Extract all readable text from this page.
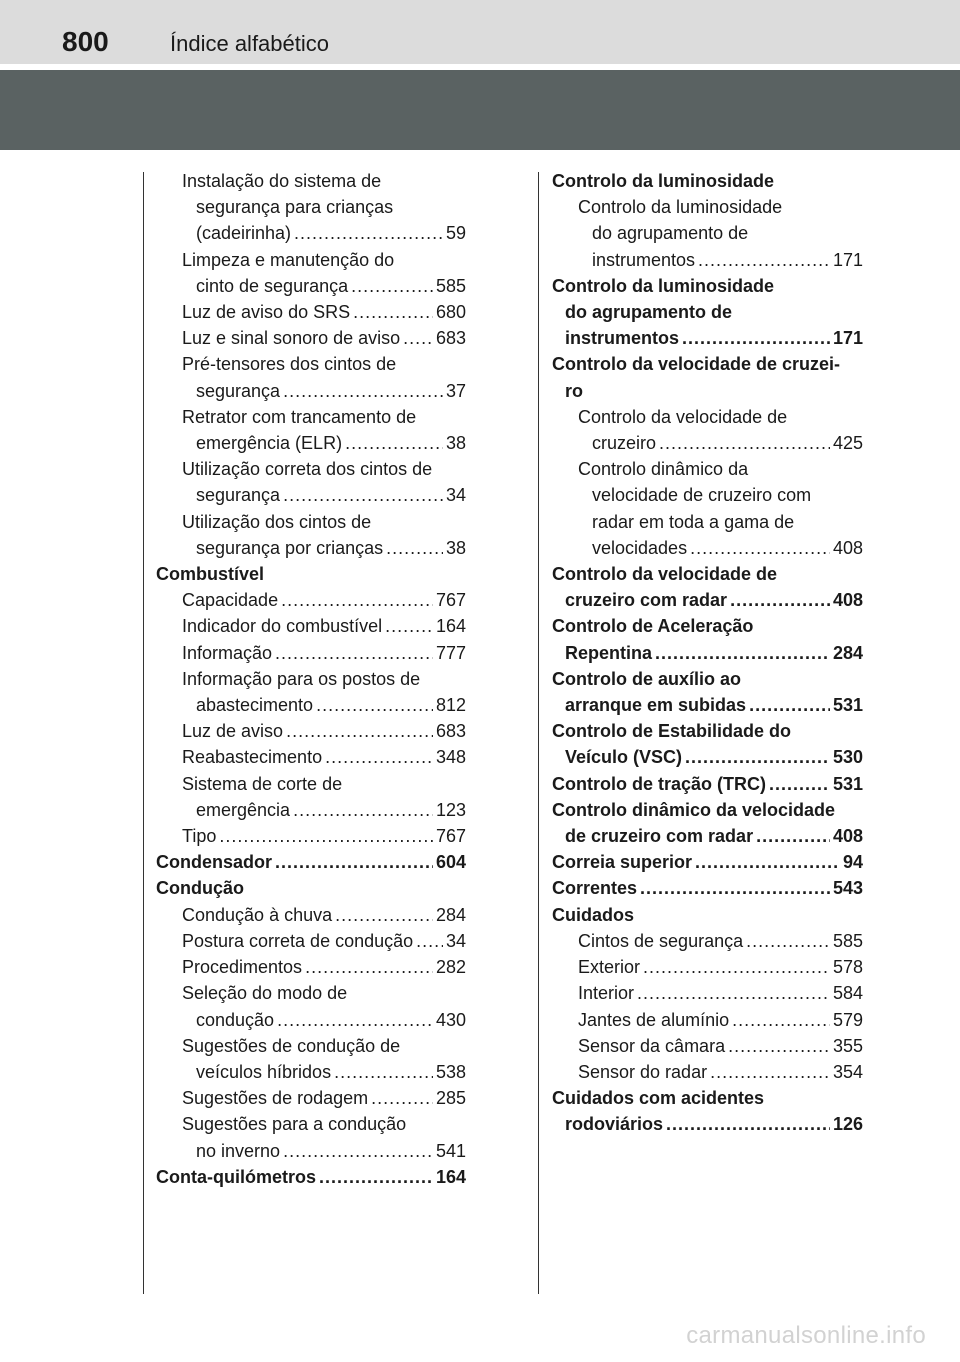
800	Índice alfabético
Instalação do sistema de
segurança para crianças
(cadeirinha) .....	59
Limpeza e manutenção do
cinto de segurança .....	585
Luz de aviso do SRS .....	680
Luz e sinal sonoro de aviso ..... 683
Pré-tensores dos cintos de
segurança .....	37
Retrator com trancamento de
emergência (ELR) .....	38
Utilização correta dos cintos de
segurança .....	34
Utilização dos cintos de
segurança por crianças .....	38
Combustível
Capacidade .....	767
Indicador do combustível .....	164
Informação .....	777
Informação para os postos de
abastecimento .....	812
Luz de aviso .....	683
Reabastecimento .....	348
Sistema de corte de
emergência .....	123
Tipo .....	767
Condensador .....	604
Condução
Condução à chuva .....	284
Postura correta de condução ..... 34
Procedimentos .....	282
Seleção do modo de
condução .....	430
Sugestões de condução de
veículos híbridos .....	538
Sugestões de rodagem .....	285
Sugestões para a condução
no inverno .....	541
Conta-quilómetros .....	164
Controlo da luminosidade
Controlo da luminosidade
do agrupamento de
instrumentos .....	171
Controlo da luminosidade
do agrupamento de
instrumentos .....	171
Controlo da velocidade de cruzei-
ro
Controlo da velocidade de
cruzeiro .....	425
Controlo dinâmico da
velocidade de cruzeiro com
radar em toda a gama de
velocidades .....	408
Controlo da velocidade de
cruzeiro com radar .....	408
Controlo de Aceleração
Repentina .....	284
Controlo de auxílio ao
arranque em subidas .....	531
Controlo de Estabilidade do
Veículo (VSC) .....	530
Controlo de tração (TRC) .....	531
Controlo dinâmico da velocidade
de cruzeiro com radar .....	408
Correia superior .....	94
Correntes .....	543
Cuidados
Cintos de segurança .....	585
Exterior .....	578
Interior .....	584
Jantes de alumínio .....	579
Sensor da câmara .....	355
Sensor do radar .....	354
Cuidados com acidentes
rodoviários .....	126
carmanualsonline.info
